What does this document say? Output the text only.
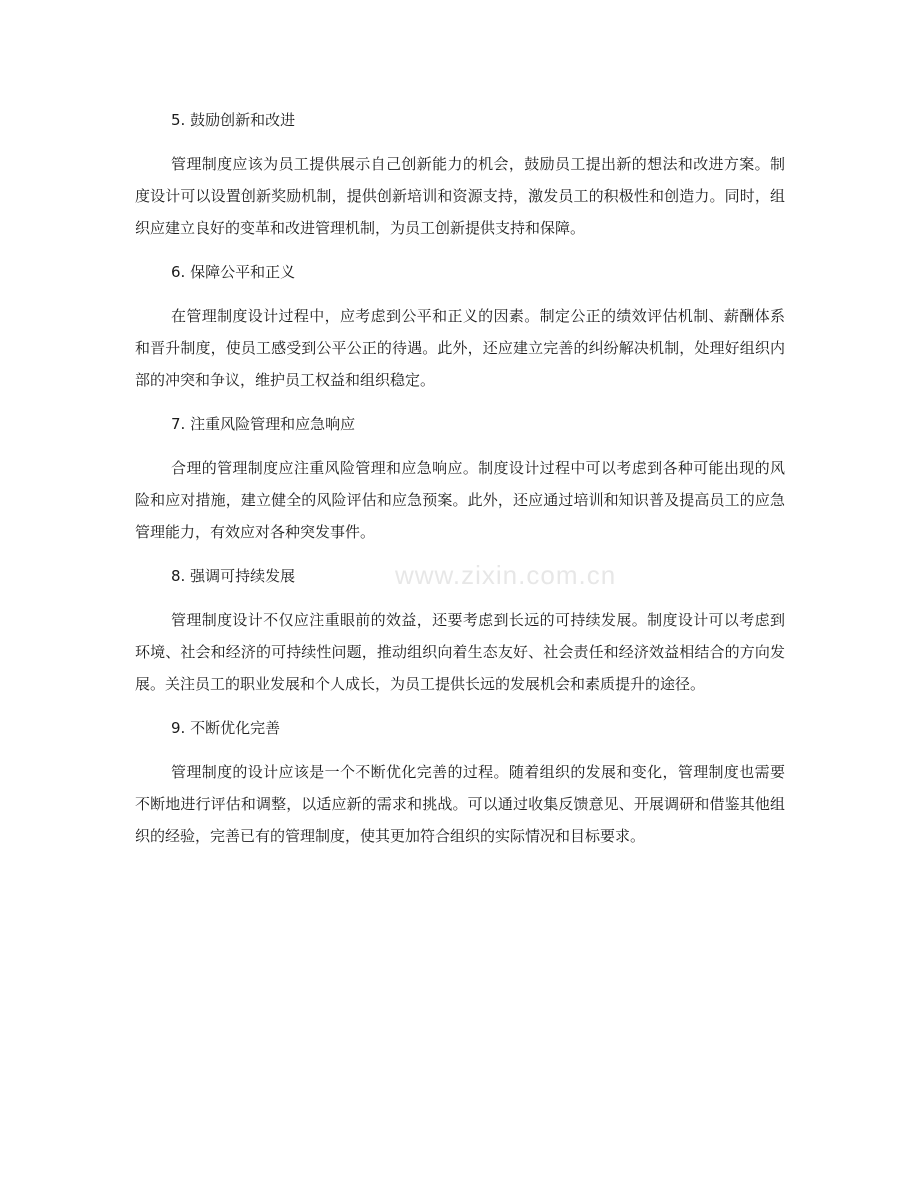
5. 鼓励创新和改进

管理制度应该为员工提供展示自己创新能力的机会，鼓励员工提出新的想法和改进方案。制度设计可以设置创新奖励机制，提供创新培训和资源支持，激发员工的积极性和创造力。同时，组织应建立良好的变革和改进管理机制，为员工创新提供支持和保障。

6. 保障公平和正义

在管理制度设计过程中，应考虑到公平和正义的因素。制定公正的绩效评估机制、薪酬体系和晋升制度，使员工感受到公平公正的待遇。此外，还应建立完善的纠纷解决机制，处理好组织内部的冲突和争议，维护员工权益和组织稳定。

7. 注重风险管理和应急响应

合理的管理制度应注重风险管理和应急响应。制度设计过程中可以考虑到各种可能出现的风险和应对措施，建立健全的风险评估和应急预案。此外，还应通过培训和知识普及提高员工的应急管理能力，有效应对各种突发事件。

8. 强调可持续发展

管理制度设计不仅应注重眼前的效益，还要考虑到长远的可持续发展。制度设计可以考虑到环境、社会和经济的可持续性问题，推动组织向着生态友好、社会责任和经济效益相结合的方向发展。关注员工的职业发展和个人成长，为员工提供长远的发展机会和素质提升的途径。

9. 不断优化完善

管理制度的设计应该是一个不断优化完善的过程。随着组织的发展和变化，管理制度也需要不断地进行评估和调整，以适应新的需求和挑战。可以通过收集反馈意见、开展调研和借鉴其他组织的经验，完善已有的管理制度，使其更加符合组织的实际情况和目标要求。

www.zixin.com.cn
